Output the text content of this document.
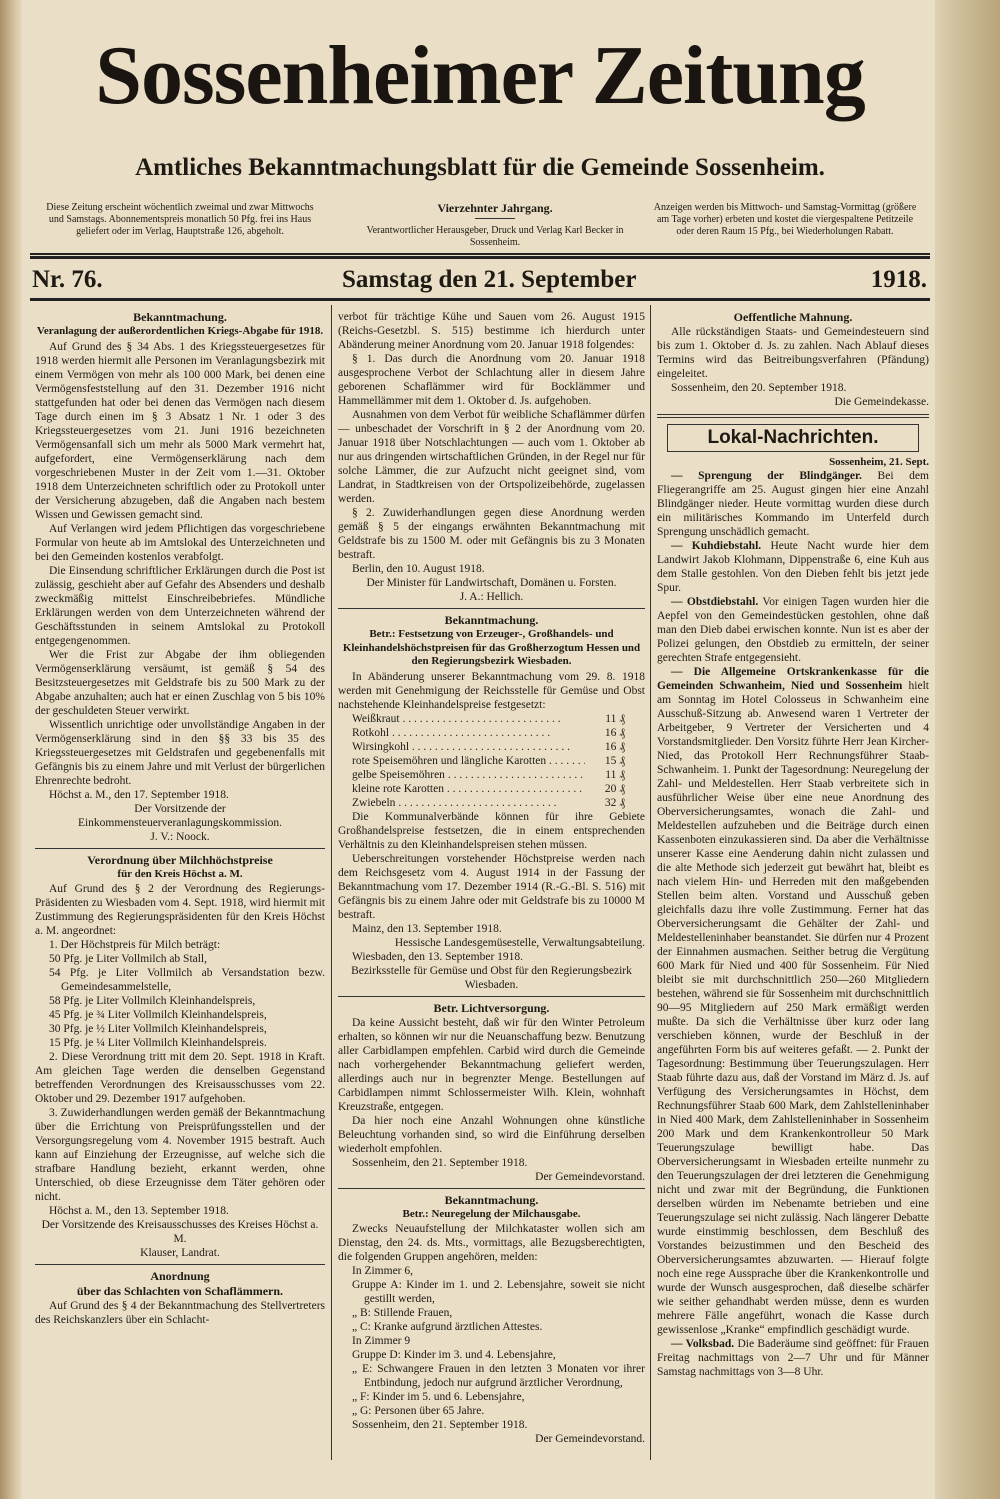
Sossenheimer Zeitung
Amtliches Bekanntmachungsblatt für die Gemeinde Sossenheim.
Diese Zeitung erscheint wöchentlich zweimal und zwar Mittwochs und Samstags. Abonnementspreis monatlich 50 Pfg. frei ins Haus geliefert oder im Verlag, Hauptstraße 126, abgeholt.
Vierzehnter Jahrgang.
Verantwortlicher Herausgeber, Druck und Verlag Karl Becker in Sossenheim.
Anzeigen werden bis Mittwoch- und Samstag-Vormittag (größere am Tage vorher) erbeten und kostet die viergespaltene Petitzeile oder deren Raum 15 Pfg., bei Wiederholungen Rabatt.
Nr. 76.	Samstag den 21. September	1918.
Bekanntmachung.
Veranlagung der außerordentlichen Kriegs-Abgabe für 1918.
Auf Grund des § 34 Abs. 1 des Kriegssteuergesetzes für 1918 werden hiermit alle Personen im Veranlagungsbezirk mit einem Vermögen von mehr als 100 000 Mark, bei denen eine Vermögensfeststellung auf den 31. Dezember 1916 nicht stattgefunden hat oder bei denen das Vermögen nach diesem Tage durch einen im § 3 Absatz 1 Nr. 1 oder 3 des Kriegssteuergesetzes vom 21. Juni 1916 bezeichneten Vermögensanfall sich um mehr als 5000 Mark vermehrt hat, aufgefordert, eine Vermögenserklärung nach dem vorgeschriebenen Muster in der Zeit vom 1.—31. Oktober 1918 dem Unterzeichneten schriftlich oder zu Protokoll unter der Versicherung abzugeben, daß die Angaben nach bestem Wissen und Gewissen gemacht sind.
Auf Verlangen wird jedem Pflichtigen das vorgeschriebene Formular von heute ab im Amtslokal des Unterzeichneten und bei den Gemeinden kostenlos verabfolgt.
Die Einsendung schriftlicher Erklärungen durch die Post ist zulässig, geschieht aber auf Gefahr des Absenders und deshalb zweckmäßig mittelst Einschreibebriefes. Mündliche Erklärungen werden von dem Unterzeichneten während der Geschäftsstunden in seinem Amtslokal zu Protokoll entgegengenommen.
Wer die Frist zur Abgabe der ihm obliegenden Vermögenserklärung versäumt, ist gemäß § 54 des Besitzsteuergesetzes mit Geldstrafe bis zu 500 Mark zu der Abgabe anzuhalten; auch hat er einen Zuschlag von 5 bis 10% der geschuldeten Steuer verwirkt.
Wissentlich unrichtige oder unvollständige Angaben in der Vermögenserklärung sind in den §§ 33 bis 35 des Kriegssteuergesetzes mit Geldstrafen und gegebenenfalls mit Gefängnis bis zu einem Jahre und mit Verlust der bürgerlichen Ehrenrechte bedroht.
Höchst a. M., den 17. September 1918.
Der Vorsitzende der Einkommensteuerveranlagungskommission.
J. V.: Noock.
Verordnung über Milchhöchstpreise
für den Kreis Höchst a. M.
Auf Grund des § 2 der Verordnung des Regierungs-Präsidenten zu Wiesbaden vom 4. Sept. 1918, wird hiermit mit Zustimmung des Regierungspräsidenten für den Kreis Höchst a. M. angeordnet:
1. Der Höchstpreis für Milch beträgt:
50 Pfg. je Liter Vollmilch ab Stall,
54 Pfg. je Liter Vollmilch ab Versandstation bezw. Gemeindesammelstelle,
58 Pfg. je Liter Vollmilch Kleinhandelspreis,
45 Pfg. je ¾ Liter Vollmilch Kleinhandelspreis,
30 Pfg. je ½ Liter Vollmilch Kleinhandelspreis,
15 Pfg. je ¼ Liter Vollmilch Kleinhandelspreis.
2. Diese Verordnung tritt mit dem 20. Sept. 1918 in Kraft. Am gleichen Tage werden die denselben Gegenstand betreffenden Verordnungen des Kreisausschusses vom 22. Oktober und 29. Dezember 1917 aufgehoben.
3. Zuwiderhandlungen werden gemäß der Bekanntmachung über die Errichtung von Preisprüfungsstellen und der Versorgungsregelung vom 4. November 1915 bestraft. Auch kann auf Einziehung der Erzeugnisse, auf welche sich die strafbare Handlung bezieht, erkannt werden, ohne Unterschied, ob diese Erzeugnisse dem Täter gehören oder nicht.
Höchst a. M., den 13. September 1918.
Der Vorsitzende des Kreisausschusses des Kreises Höchst a. M.
Klauser, Landrat.
Anordnung
über das Schlachten von Schaflämmern.
Auf Grund des § 4 der Bekanntmachung des Stellvertreters des Reichskanzlers über ein Schlacht-
verbot für trächtige Kühe und Sauen vom 26. August 1915 (Reichs-Gesetzbl. S. 515) bestimme ich hierdurch unter Abänderung meiner Anordnung vom 20. Januar 1918 folgendes:
§ 1. Das durch die Anordnung vom 20. Januar 1918 ausgesprochene Verbot der Schlachtung aller in diesem Jahre geborenen Schaflämmer wird für Bocklämmer und Hammellämmer mit dem 1. Oktober d. Js. aufgehoben.
Ausnahmen von dem Verbot für weibliche Schaflämmer dürfen — unbeschadet der Vorschrift in § 2 der Anordnung vom 20. Januar 1918 über Notschlachtungen — auch vom 1. Oktober ab nur aus dringenden wirtschaftlichen Gründen, in der Regel nur für solche Lämmer, die zur Aufzucht nicht geeignet sind, vom Landrat, in Stadtkreisen von der Ortspolizeibehörde, zugelassen werden.
§ 2. Zuwiderhandlungen gegen diese Anordnung werden gemäß § 5 der eingangs erwähnten Bekanntmachung mit Geldstrafe bis zu 1500 M. oder mit Gefängnis bis zu 3 Monaten bestraft.
Berlin, den 10. August 1918.
Der Minister für Landwirtschaft, Domänen u. Forsten.
J. A.: Hellich.
Bekanntmachung.
Betr.: Festsetzung von Erzeuger-, Großhandels- und Kleinhandelshöchstpreisen für das Großherzogtum Hessen und den Regierungsbezirk Wiesbaden.
In Abänderung unserer Bekanntmachung vom 29. 8. 1918 werden mit Genehmigung der Reichsstelle für Gemüse und Obst nachstehende Kleinhandelspreise festgesetzt:
Weißkraut . . .	11 ₰
Rotkohl . . .	16 ₰
Wirsingkohl . . .	16 ₰
rote Speisemöhren und längliche Karotten . . .	15 ₰
gelbe Speisemöhren . . .	11 ₰
kleine rote Karotten . . .	20 ₰
Zwiebeln . . .	32 ₰
Die Kommunalverbände können für ihre Gebiete Großhandelspreise festsetzen, die in einem entsprechenden Verhältnis zu den Kleinhandelspreisen stehen müssen.
Ueberschreitungen vorstehender Höchstpreise werden nach dem Reichsgesetz vom 4. August 1914 in der Fassung der Bekanntmachung vom 17. Dezember 1914 (R.-G.-Bl. S. 516) mit Gefängnis bis zu einem Jahre oder mit Geldstrafe bis zu 10000 M bestraft.
Mainz, den 13. September 1918.
Hessische Landesgemüsestelle, Verwaltungsabteilung.
Wiesbaden, den 13. September 1918.
Bezirksstelle für Gemüse und Obst für den Regierungsbezirk Wiesbaden.
Betr. Lichtversorgung.
Da keine Aussicht besteht, daß wir für den Winter Petroleum erhalten, so können wir nur die Neuanschaffung bezw. Benutzung aller Carbidlampen empfehlen. Carbid wird durch die Gemeinde nach vorhergehender Bekanntmachung geliefert werden, allerdings auch nur in begrenzter Menge. Bestellungen auf Carbidlampen nimmt Schlossermeister Wilh. Klein, wohnhaft Kreuzstraße, entgegen.
Da hier noch eine Anzahl Wohnungen ohne künstliche Beleuchtung vorhanden sind, so wird die Einführung derselben wiederholt empfohlen.
Sossenheim, den 21. September 1918.
Der Gemeindevorstand.
Bekanntmachung.
Betr.: Neuregelung der Milchausgabe.
Zwecks Neuaufstellung der Milchkataster wollen sich am Dienstag, den 24. ds. Mts., vormittags, alle Bezugsberechtigten, die folgenden Gruppen angehören, melden:
In Zimmer 6,
Gruppe A: Kinder im 1. und 2. Lebensjahre, soweit sie nicht gestillt werden,
„ B: Stillende Frauen,
„ C: Kranke aufgrund ärztlichen Attestes.
In Zimmer 9
Gruppe D: Kinder im 3. und 4. Lebensjahre,
„ E: Schwangere Frauen in den letzten 3 Monaten vor ihrer Entbindung, jedoch nur aufgrund ärztlicher Verordnung,
„ F: Kinder im 5. und 6. Lebensjahre,
„ G: Personen über 65 Jahre.
Sossenheim, den 21. September 1918.
Der Gemeindevorstand.
Oeffentliche Mahnung.
Alle rückständigen Staats- und Gemeindesteuern sind bis zum 1. Oktober d. Js. zu zahlen. Nach Ablauf dieses Termins wird das Beitreibungsverfahren (Pfändung) eingeleitet.
Sossenheim, den 20. September 1918.
Die Gemeindekasse.
Lokal-Nachrichten.
Sossenheim, 21. Sept.
— Sprengung der Blindgänger. Bei dem Fliegerangriffe am 25. August gingen hier eine Anzahl Blindgänger nieder. Heute vormittag wurden diese durch ein militärisches Kommando im Unterfeld durch Sprengung unschädlich gemacht.
— Kuhdiebstahl. Heute Nacht wurde hier dem Landwirt Jakob Klohmann, Dippenstraße 6, eine Kuh aus dem Stalle gestohlen. Von den Dieben fehlt bis jetzt jede Spur.
— Obstdiebstahl. Vor einigen Tagen wurden hier die Aepfel von den Gemeindestücken gestohlen, ohne daß man den Dieb dabei erwischen konnte. Nun ist es aber der Polizei gelungen, den Obstdieb zu ermitteln, der seiner gerechten Strafe entgegensieht.
— Die Allgemeine Ortskrankenkasse für die Gemeinden Schwanheim, Nied und Sossenheim hielt am Sonntag im Hotel Colosseus in Schwanheim eine Ausschuß-Sitzung ab. Anwesend waren 1 Vertreter der Arbeitgeber, 9 Vertreter der Versicherten und 4 Vorstandsmitglieder. Den Vorsitz führte Herr Jean Kircher-Nied, das Protokoll Herr Rechnungsführer Staab-Schwanheim. 1. Punkt der Tagesordnung: Neuregelung der Zahl- und Meldestellen. Herr Staab verbreitete sich in ausführlicher Weise über eine neue Anordnung des Oberversicherungsamtes, wonach die Zahl- und Meldestellen aufzuheben und die Beiträge durch einen Kassenboten einzukassieren sind. Da aber die Verhältnisse unserer Kasse eine Aenderung dahin nicht zulassen und die alte Methode sich jederzeit gut bewährt hat, bleibt es nach vielem Hin- und Herreden mit den maßgebenden Stellen beim alten. Vorstand und Ausschuß geben gleichfalls dazu ihre volle Zustimmung. Ferner hat das Oberversicherungsamt die Gehälter der Zahl- und Meldestelleninhaber beanstandet. Sie dürfen nur 4 Prozent der Einnahmen ausmachen. Seither betrug die Vergütung 600 Mark für Nied und 400 für Sossenheim. Für Nied bleibt sie mit durchschnittlich 250—260 Mitgliedern bestehen, während sie für Sossenheim mit durchschnittlich 90—95 Mitgliedern auf 250 Mark ermäßigt werden mußte. Da sich die Verhältnisse über kurz oder lang verschieben können, wurde der Beschluß in der angeführten Form bis auf weiteres gefaßt. — 2. Punkt der Tagesordnung: Bestimmung über Teuerungszulagen. Herr Staab führte dazu aus, daß der Vorstand im März d. Js. auf Verfügung des Versicherungsamtes in Höchst, dem Rechnungsführer Staab 600 Mark, dem Zahlstelleninhaber in Nied 400 Mark, dem Zahlstelleninhaber in Sossenheim 200 Mark und dem Krankenkontrolleur 50 Mark Teuerungszulage bewilligt habe. Das Oberversicherungsamt in Wiesbaden erteilte nunmehr zu den Teuerungszulagen der drei letzteren die Genehmigung nicht und zwar mit der Begründung, die Funktionen derselben würden im Nebenamte betrieben und eine Teuerungszulage sei nicht zulässig. Nach längerer Debatte wurde einstimmig beschlossen, dem Beschluß des Vorstandes beizustimmen und den Bescheid des Oberversicherungsamtes abzuwarten. — Hierauf folgte noch eine rege Aussprache über die Krankenkontrolle und wurde der Wunsch ausgesprochen, daß dieselbe schärfer wie seither gehandhabt werden müsse, denn es wurden mehrere Fälle angeführt, wonach die Kasse durch gewissenlose „Kranke“ empfindlich geschädigt wurde.
— Volksbad. Die Baderäume sind geöffnet: für Frauen Freitag nachmittags von 2—7 Uhr und für Männer Samstag nachmittags von 3—8 Uhr.
